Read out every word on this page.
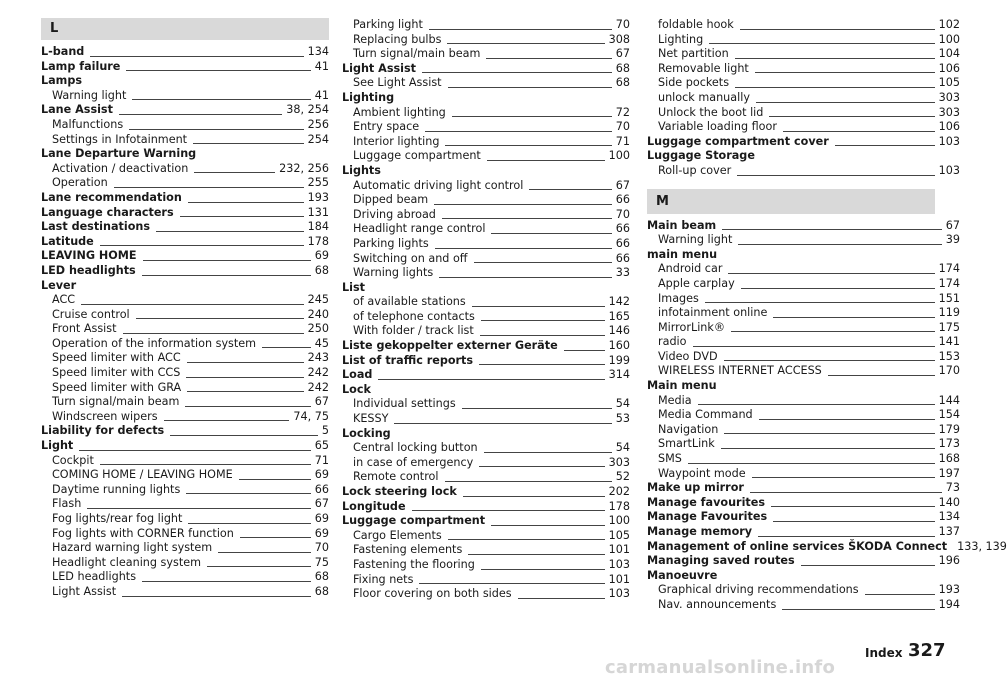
L
L-band	134
Lamp failure	41
Lamps
Warning light	41
Lane Assist	38, 254
Malfunctions	256
Settings in Infotainment	254
Lane Departure Warning
Activation / deactivation	232, 256
Operation	255
Lane recommendation	193
Language characters	131
Last destinations	184
Latitude	178
LEAVING HOME	69
LED headlights	68
Lever
ACC	245
Cruise control	240
Front Assist	250
Operation of the information system	45
Speed limiter with ACC	243
Speed limiter with CCS	242
Speed limiter with GRA	242
Turn signal/main beam	67
Windscreen wipers	74, 75
Liability for defects	5
Light	65
Cockpit	71
COMING HOME / LEAVING HOME	69
Daytime running lights	66
Flash	67
Fog lights/rear fog light	69
Fog lights with CORNER function	69
Hazard warning light system	70
Headlight cleaning system	75
LED headlights	68
Light Assist	68
Parking light	70
Replacing bulbs	308
Turn signal/main beam	67
Light Assist	68
See Light Assist	68
Lighting
Ambient lighting	72
Entry space	70
Interior lighting	71
Luggage compartment	100
Lights
Automatic driving light control	67
Dipped beam	66
Driving abroad	70
Headlight range control	66
Parking lights	66
Switching on and off	66
Warning lights	33
List
of available stations	142
of telephone contacts	165
With folder / track list	146
Liste gekoppelter externer Geräte	160
List of traffic reports	199
Load	314
Lock
Individual settings	54
KESSY	53
Locking
Central locking button	54
in case of emergency	303
Remote control	52
Lock steering lock	202
Longitude	178
Luggage compartment	100
Cargo Elements	105
Fastening elements	101
Fastening the flooring	103
Fixing nets	101
Floor covering on both sides	103
foldable hook	102
Lighting	100
Net partition	104
Removable light	106
Side pockets	105
unlock manually	303
Unlock the boot lid	303
Variable loading floor	106
Luggage compartment cover	103
Luggage Storage
Roll-up cover	103
M
Main beam	67
Warning light	39
main menu
Android car	174
Apple carplay	174
Images	151
infotainment online	119
MirrorLink®	175
radio	141
Video DVD	153
WIRELESS INTERNET ACCESS	170
Main menu
Media	144
Media Command	154
Navigation	179
SmartLink	173
SMS	168
Waypoint mode	197
Make up mirror	73
Manage favourites	140
Manage Favourites	134
Manage memory	137
Management of online services ŠKODA Connect 133, 139
Managing saved routes	196
Manoeuvre
Graphical driving recommendations	193
Nav. announcements	194
carmanualsonline.info
Index 327
